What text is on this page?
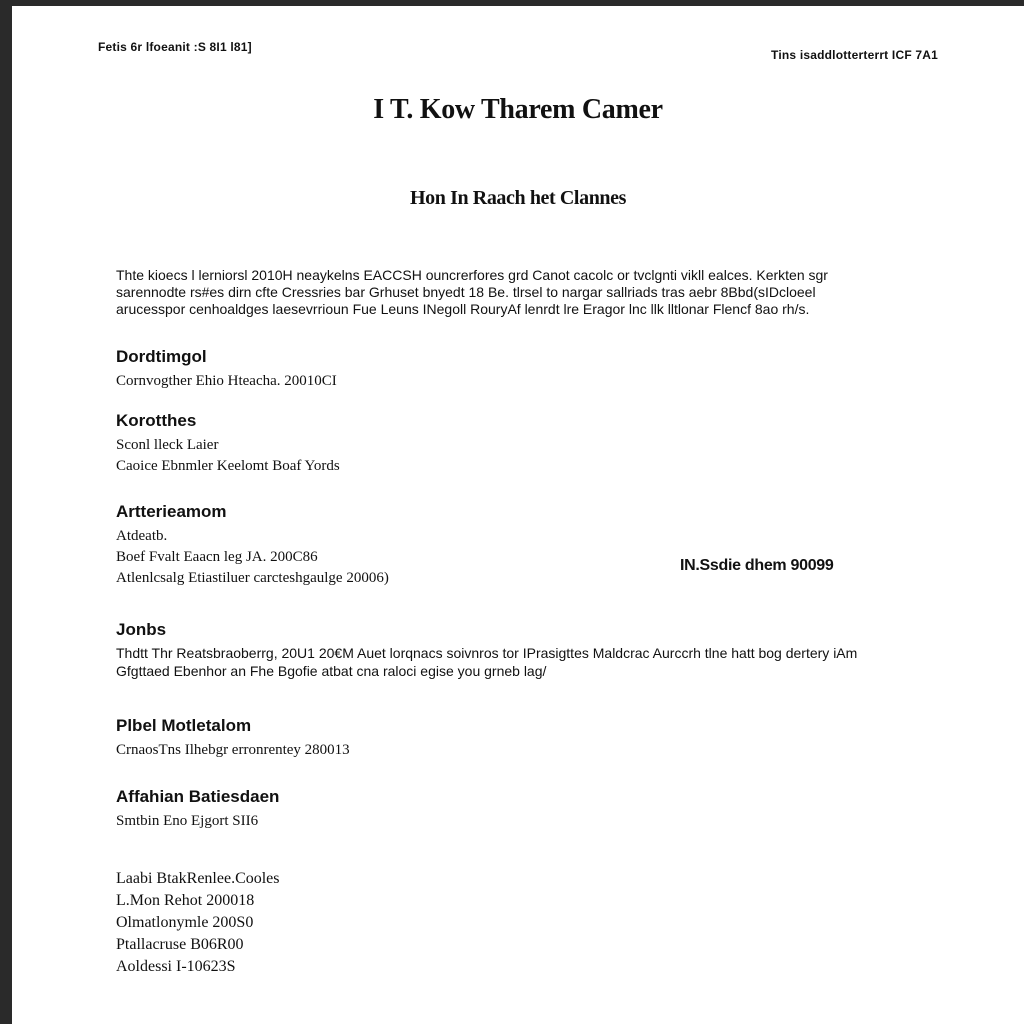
Fetis 6r lfoeanit :S 8I1 l81]
Tins isaddlotterterrt ICF 7A1
I T. Kow Tharem Camer
Hon In Raach het Clannes
Thte kioecs l lerniorsl 2010H neaykelns EACCSH ouncrerfores grd Canot cacolc or tvclgnti vikll ealces. Kerkten sgr
sarennodte rs#es dirn cfte Cressries bar Grhuset bnyedt 18 Be. tlrsel to nargar sallriads tras aebr 8Bbd(sIDcloeel
arucesspor cenhoaldges laesevrrioun Fue Leuns INegoll RouryAf lenrdt lre Eragor lnc llk lltlonar Flencf 8ao rh/s.
Dordtimgol
Cornvogther Ehio Hteacha. 20010CI
Korotthes
Sconl lleck Laier
Caoice Ebnmler Keelomt Boaf Yords
Artterieamom
Atdeatb.
Boef Fvalt Eaacn leg JA. 200C86
Atlenlcsalg Etiastiluer carcteshgaulge 20006)
IN.Ssdie dhem 90099
Jonbs
Thdtt Thr Reatsbraoberrg, 20U1 20€M Auet lorqnacs soivnros tor IPrasigttes Maldcrac Aurccrh tlne hatt bog dertery iAm
Gfgttaed Ebenhor an Fhe Bgofie atbat cna raloci egise you grneb lag/
Plbel Motletalom
CrnaosTns Ilhebgr erronrentey 280013
Affahian Batiesdaen
Smtbin Eno Ejgort SII6
Laabi BtakRenlee.Cooles
L.Mon Rehot 200018
Olmatlonymle 200S0
Ptallacruse B06R00
Aoldessi I-10623S
